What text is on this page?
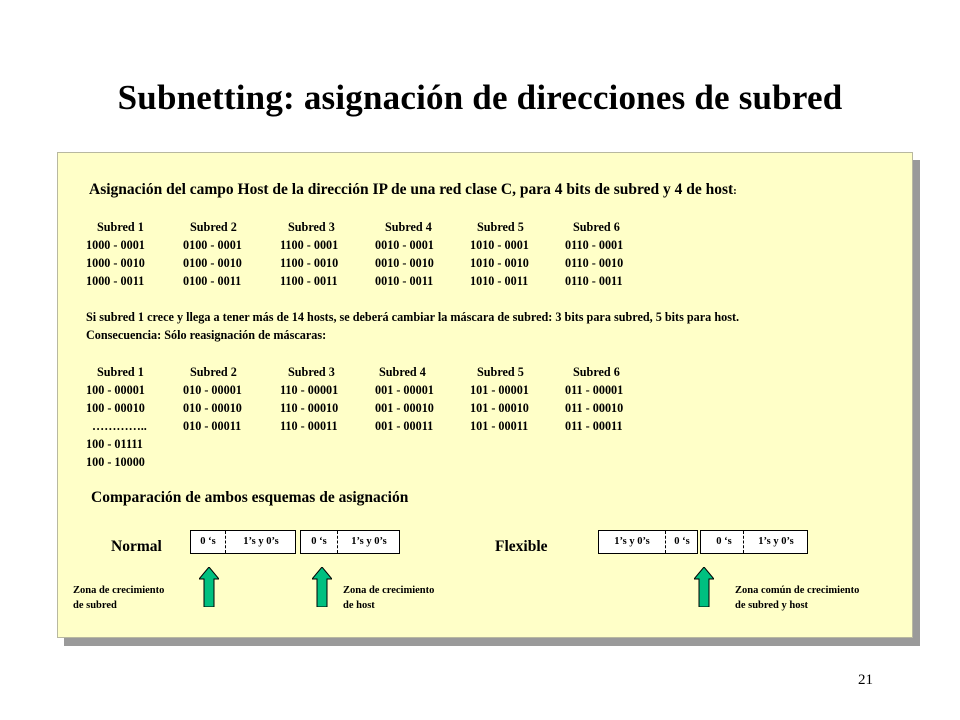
Subnetting: asignación de direcciones de subred
Asignación del campo Host de la dirección IP de una red clase C, para 4 bits de subred y 4 de host:
Subred 1	Subred 2	Subred 3	Subred 4	Subred 5	Subred 6
1000 - 0001	0100 - 0001	1100 - 0001	0010 - 0001	1010 - 0001	0110 - 0001
1000 - 0010	0100 - 0010	1100 - 0010	0010 - 0010	1010 - 0010	0110 - 0010
1000 - 0011	0100 - 0011	1100 - 0011	0010 - 0011	1010 - 0011	0110 - 0011
Si subred 1 crece y llega a tener más de 14 hosts, se deberá cambiar la máscara de subred: 3 bits para subred, 5 bits para host.
Consecuencia: Sólo reasignación de máscaras:
Subred 1	Subred 2	Subred 3	Subred 4	Subred 5	Subred 6
100 - 00001	010 - 00001	110 - 00001	001 - 00001	101 - 00001	011 - 00001
100 - 00010	010 - 00010	110 - 00010	001 - 00010	101 - 00010	011 - 00010
…………..	010 - 00011	110 - 00011	001 - 00011	101 - 00011	011 - 00011
100 - 01111
100 - 10000
Comparación de ambos esquemas de asignación
Normal	0 ‘s	1’s y 0’s	0 ‘s	1’s y 0’s	Flexible	1’s y 0’s	0 ‘s	0 ‘s	1’s y 0’s
Zona de crecimiento
de subred
Zona de crecimiento
de host
Zona común de crecimiento
de subred y host
21
